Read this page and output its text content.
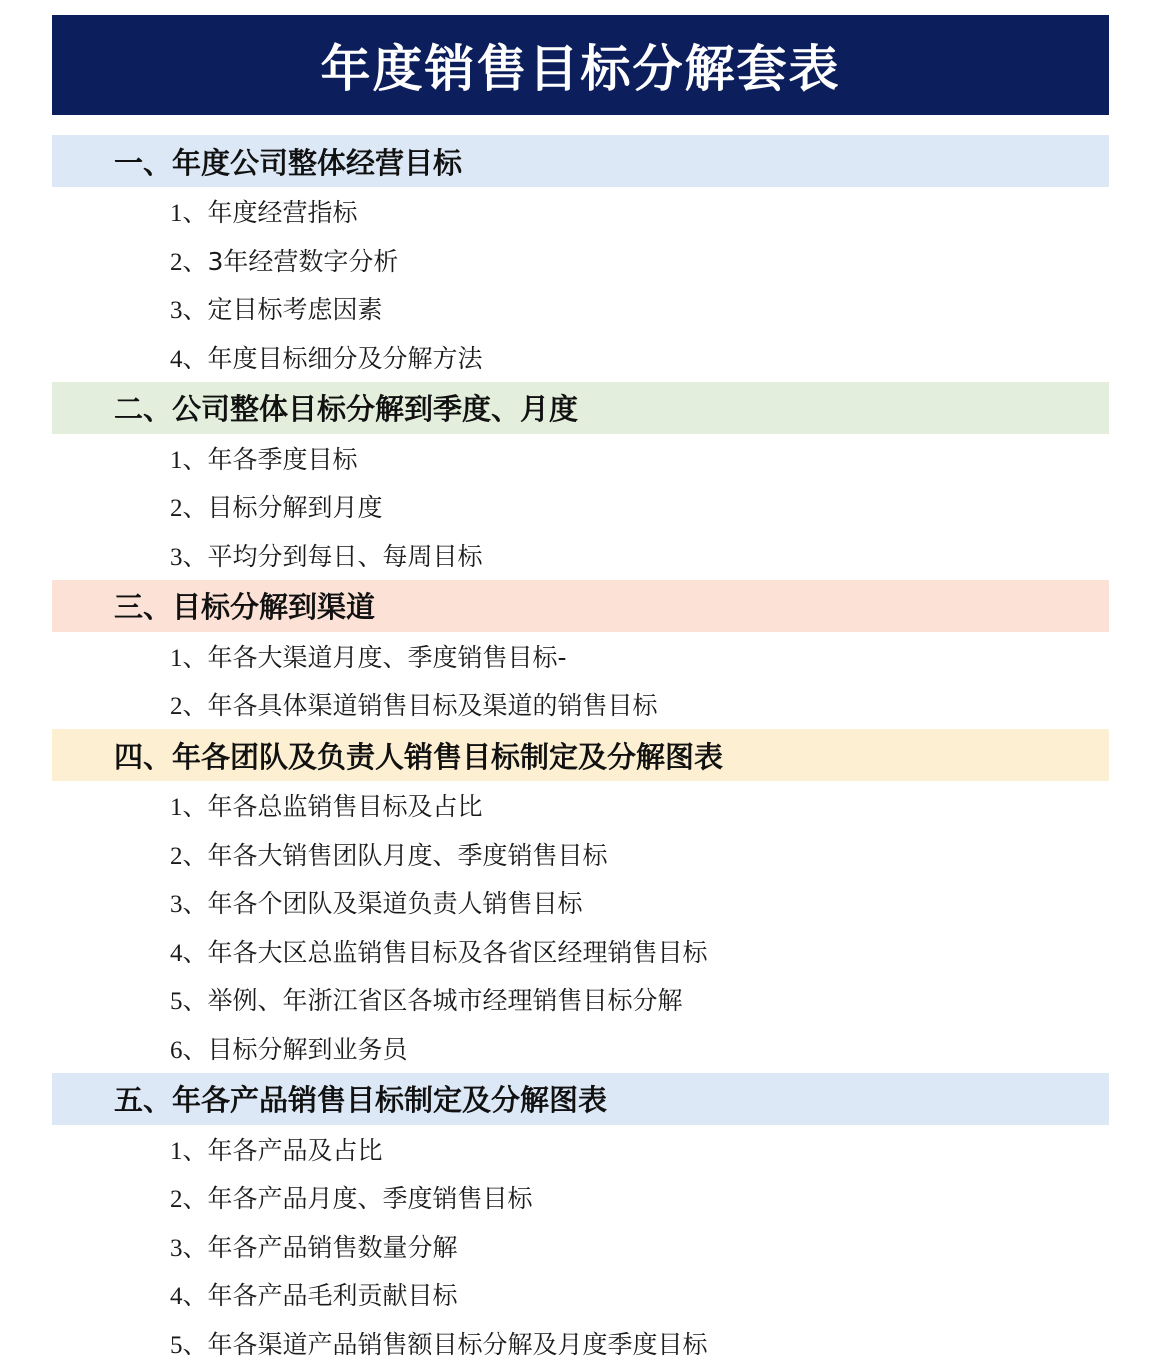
年度销售目标分解套表
一、年度公司整体经营目标
1、 年度经营指标
2、 3年经营数字分析
3、 定目标考虑因素
4、 年度目标细分及分解方法
二、公司整体目标分解到季度、月度
1、 年各季度目标
2、 目标分解到月度
3、 平均分到每日、每周目标
三、目标分解到渠道
1、 年各大渠道月度、季度销售目标-
2、 年各具体渠道销售目标及渠道的销售目标
四、年各团队及负责人销售目标制定及分解图表
1、 年各总监销售目标及占比
2、 年各大销售团队月度、季度销售目标
3、 年各个团队及渠道负责人销售目标
4、 年各大区总监销售目标及各省区经理销售目标
5、 举例、年浙江省区各城市经理销售目标分解
6、 目标分解到业务员
五、年各产品销售目标制定及分解图表
1、 年各产品及占比
2、 年各产品月度、季度销售目标
3、 年各产品销售数量分解
4、 年各产品毛利贡献目标
5、 年各渠道产品销售额目标分解及月度季度目标
